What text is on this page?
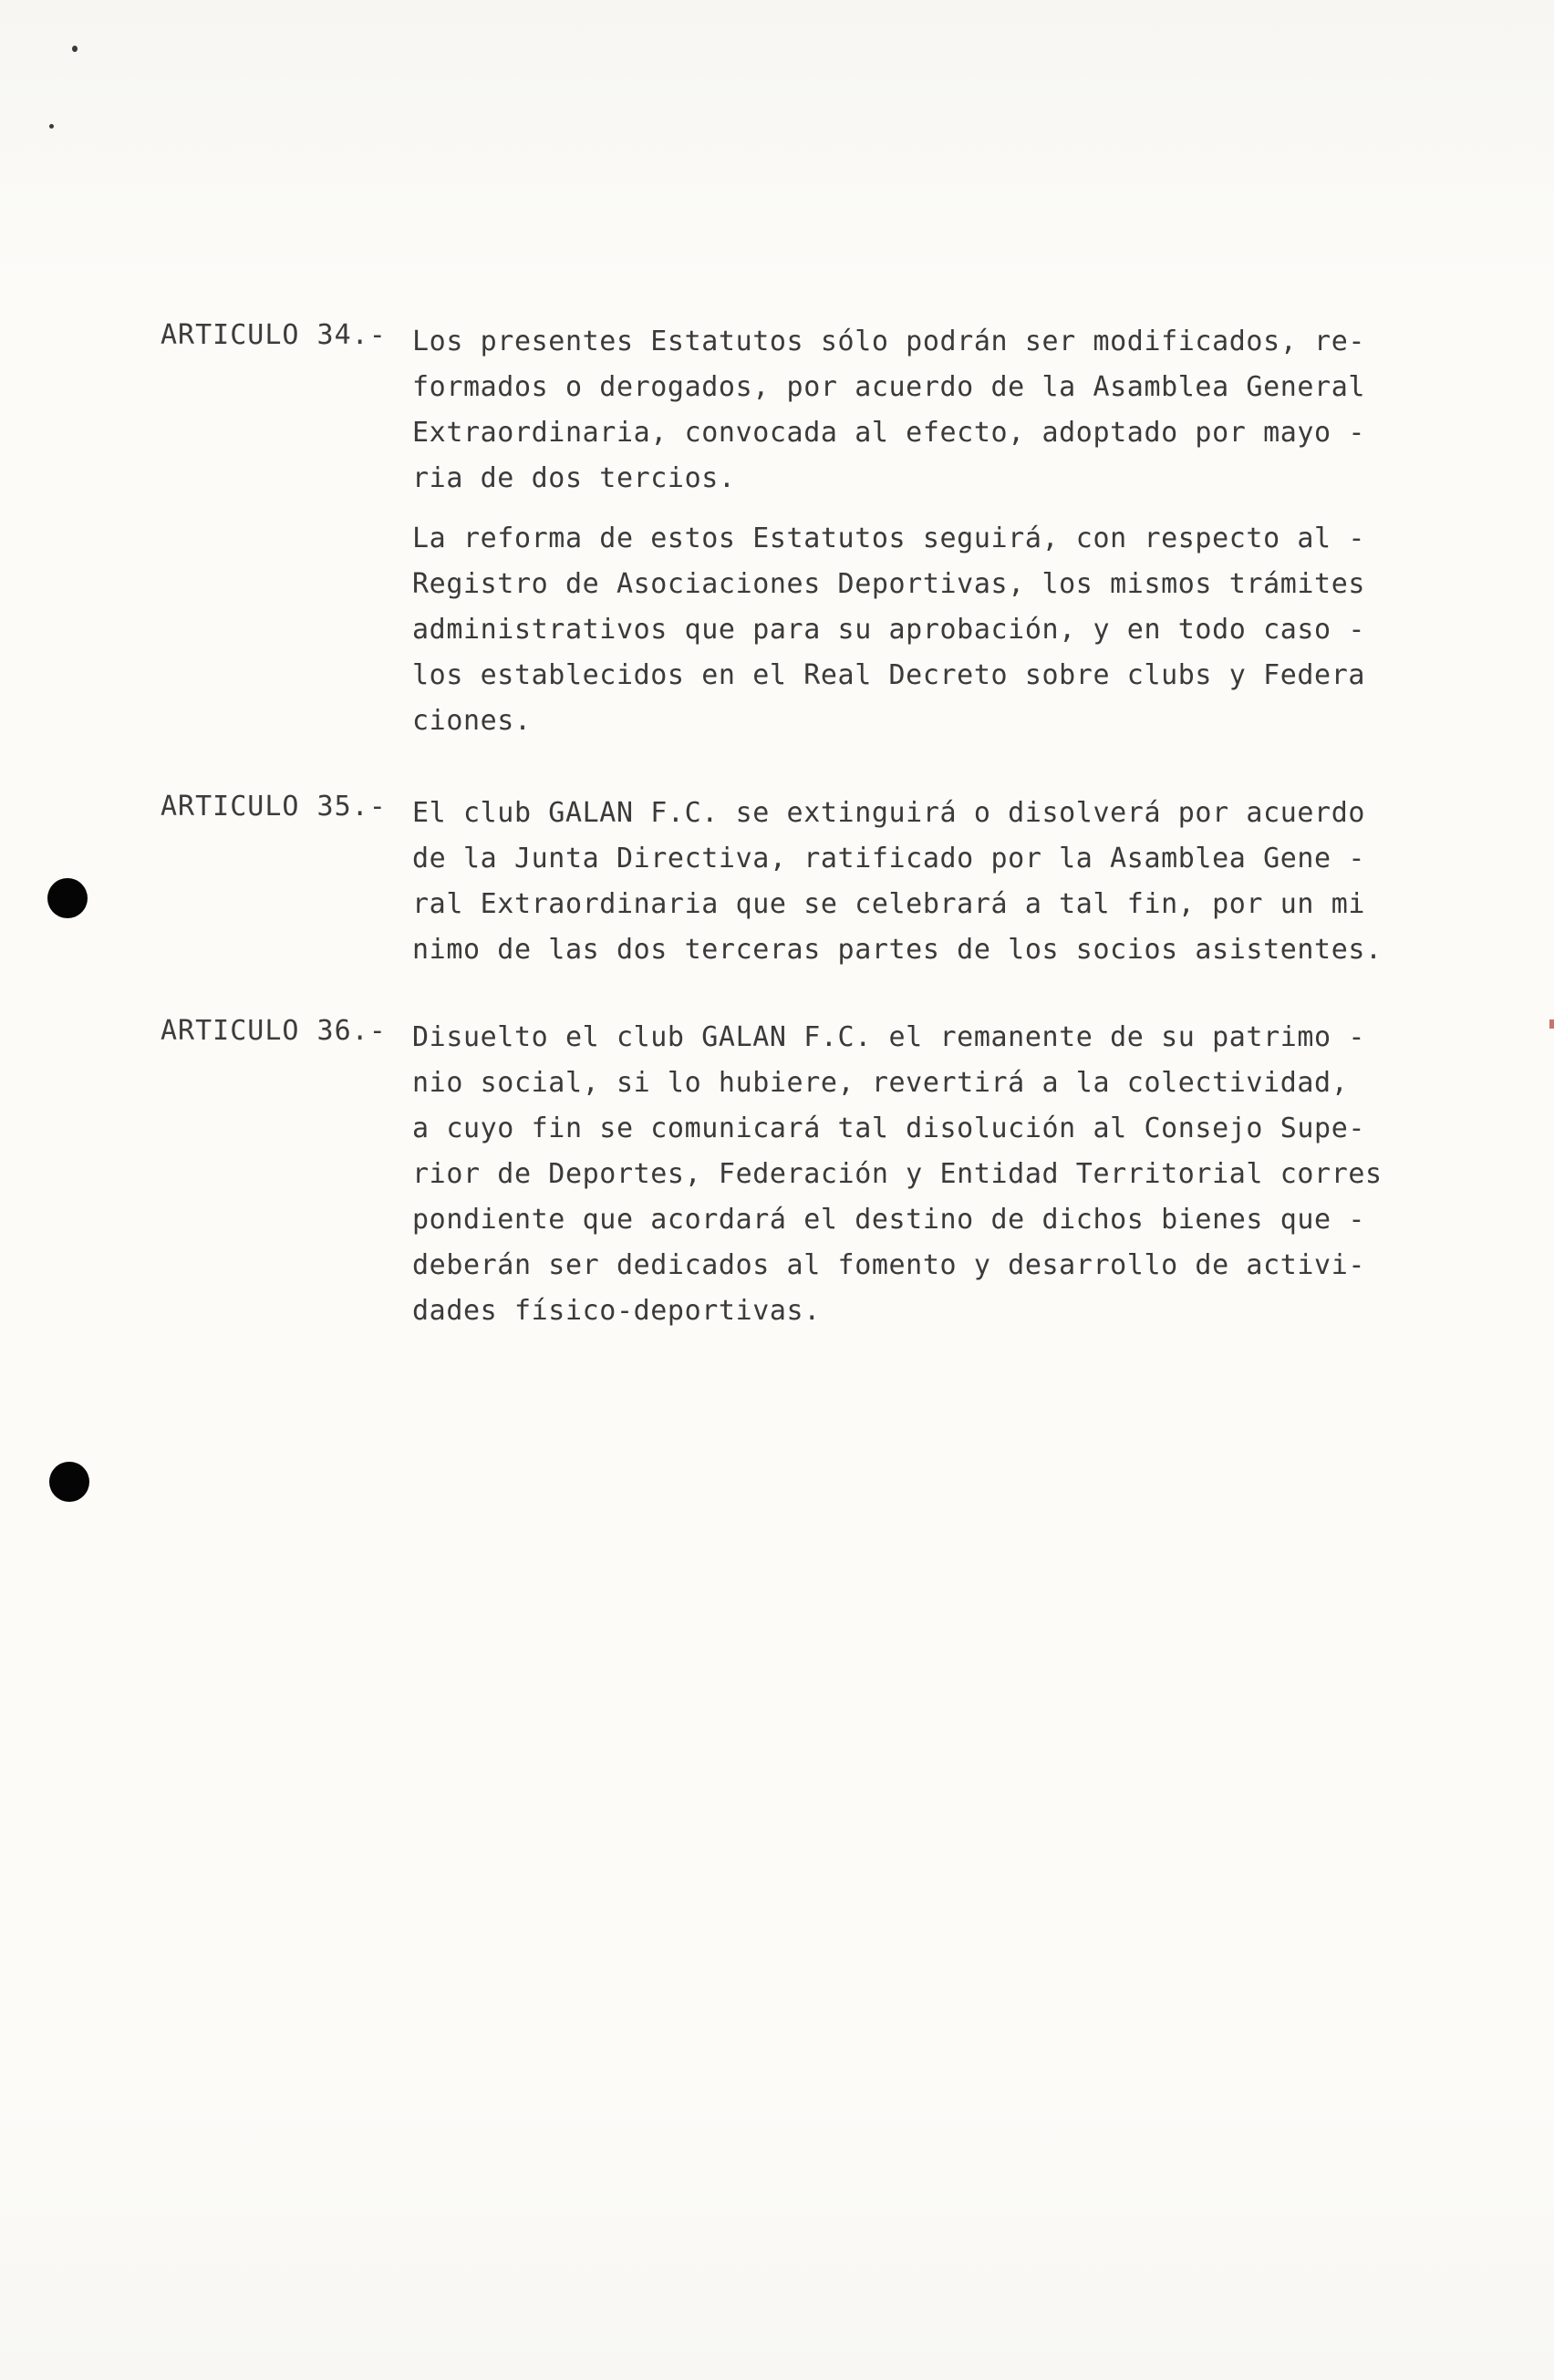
ARTICULO 34.- Los presentes Estatutos sólo podrán ser modificados, re-
formados o derogados, por acuerdo de la Asamblea General
Extraordinaria, convocada al efecto, adoptado por mayo -
ria de dos tercios.
La reforma de estos Estatutos seguirá, con respecto al -
Registro de Asociaciones Deportivas, los mismos trámites
administrativos que para su aprobación, y en todo caso -
los establecidos en el Real Decreto sobre clubs y Federa
ciones.
ARTICULO 35.- El club GALAN F.C. se extinguirá o disolverá por acuerdo
de la Junta Directiva, ratificado por la Asamblea Gene -
ral Extraordinaria que se celebrará a tal fin, por un mi
nimo de las dos terceras partes de los socios asistentes.
ARTICULO 36.- Disuelto el club GALAN F.C. el remanente de su patrimo -
nio social, si lo hubiere, revertirá a la colectividad,
a cuyo fin se comunicará tal disolución al Consejo Supe-
rior de Deportes, Federación y Entidad Territorial corres
pondiente que acordará el destino de dichos bienes que -
deberán ser dedicados al fomento y desarrollo de activi-
dades físico-deportivas.
